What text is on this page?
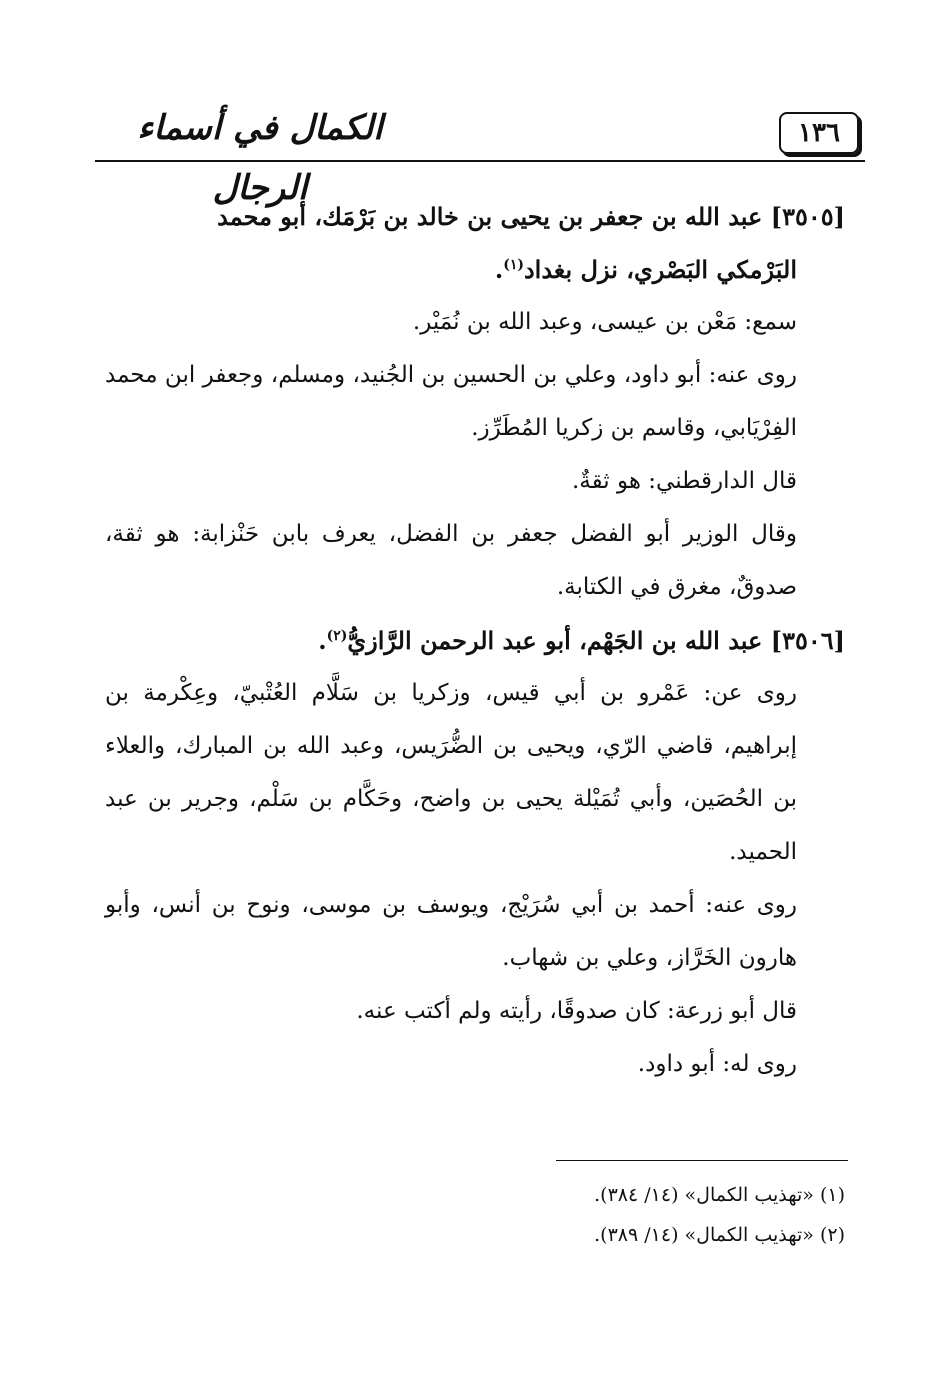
١٣٦
الكمال في أسماء الرجال

[٣٥٠٥] عبد الله بن جعفر بن يحيى بن خالد بن بَرْمَك، أبو محمد

البَرْمكي البَصْري، نزل بغداد$^{(١)}$.

سمع: مَعْن بن عيسى، وعبد الله بن نُمَيْر.

روى عنه: أبو داود، وعلي بن الحسين بن الجُنيد، ومسلم، وجعفر ابن محمد الفِرْيَابي، وقاسم بن زكريا المُطَرِّز.

قال الدارقطني: هو ثقةٌ.

وقال الوزير أبو الفضل جعفر بن الفضل، يعرف بابن حَنْزابة: هو ثقة، صدوقٌ، مغرق في الكتابة.

[٣٥٠٦] عبد الله بن الجَهْم، أبو عبد الرحمن الرَّازيُّ$^{(٢)}$.

روى عن: عَمْرو بن أبي قيس، وزكريا بن سَلَّام العُتْبيّ، وعِكْرمة بن إبراهيم، قاضي الرّي، ويحيى بن الضُّرَيس، وعبد الله بن المبارك، والعلاء بن الحُصَين، وأبي تُمَيْلة يحيى بن واضح، وحَكَّام بن سَلْم، وجرير بن عبد الحميد.

روى عنه: أحمد بن أبي سُرَيْج، ويوسف بن موسى، ونوح بن أنس، وأبو هارون الخَرَّاز، وعلي بن شهاب.

قال أبو زرعة: كان صدوقًا، رأيته ولم أكتب عنه.

روى له: أبو داود.

(١) «تهذيب الكمال» (١٤/ ٣٨٤).

(٢) «تهذيب الكمال» (١٤/ ٣٨٩).
